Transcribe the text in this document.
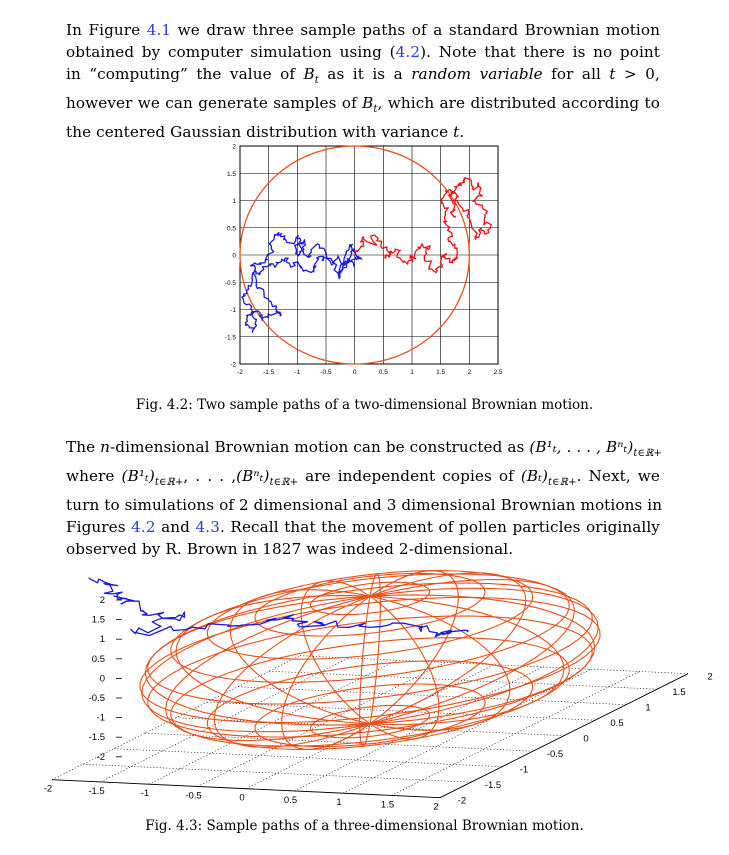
In Figure 4.1 we draw three sample paths of a standard Brownian motion
obtained by computer simulation using (4.2). Note that there is no point
in “computing” the value of $B_t$ as it is a random variable for all t > 0,
however we can generate samples of $B_t$, which are distributed according to
the centered Gaussian distribution with variance t.
-2	-1.5	-1	-0.5	0	0.5	1	1.5	2	2.5
2
1.5
1
0.5
0
-0.5
-1
-1.5
-2
Fig. 4.2: Two sample paths of a two-dimensional Brownian motion.
The n-dimensional Brownian motion can be constructed as (B¹ₜ, . . . , $B^n_t)_{t\in ℝ+}$
where $(B^1_t)_{t\in ℝ+}$, . . . $,(B^n_t)_{t\in ℝ+}$ are independent copies of $(B_t)_{t\in ℝ+}$. Next, we
turn to simulations of 2 dimensional and 3 dimensional Brownian motions in
Figures 4.2 and 4.3. Recall that the movement of pollen particles originally
observed by R. Brown in 1827 was indeed 2-dimensional.
2
1.5
1
0.5
0
-0.5
-1
-1.5
-2
-2	-1.5	-1	-0.5	0	0.5	1	1.5	2
-2
-1.5
-1
-0.5
0
0.5
1
1.5
2
Fig. 4.3: Sample paths of a three-dimensional Brownian motion.
